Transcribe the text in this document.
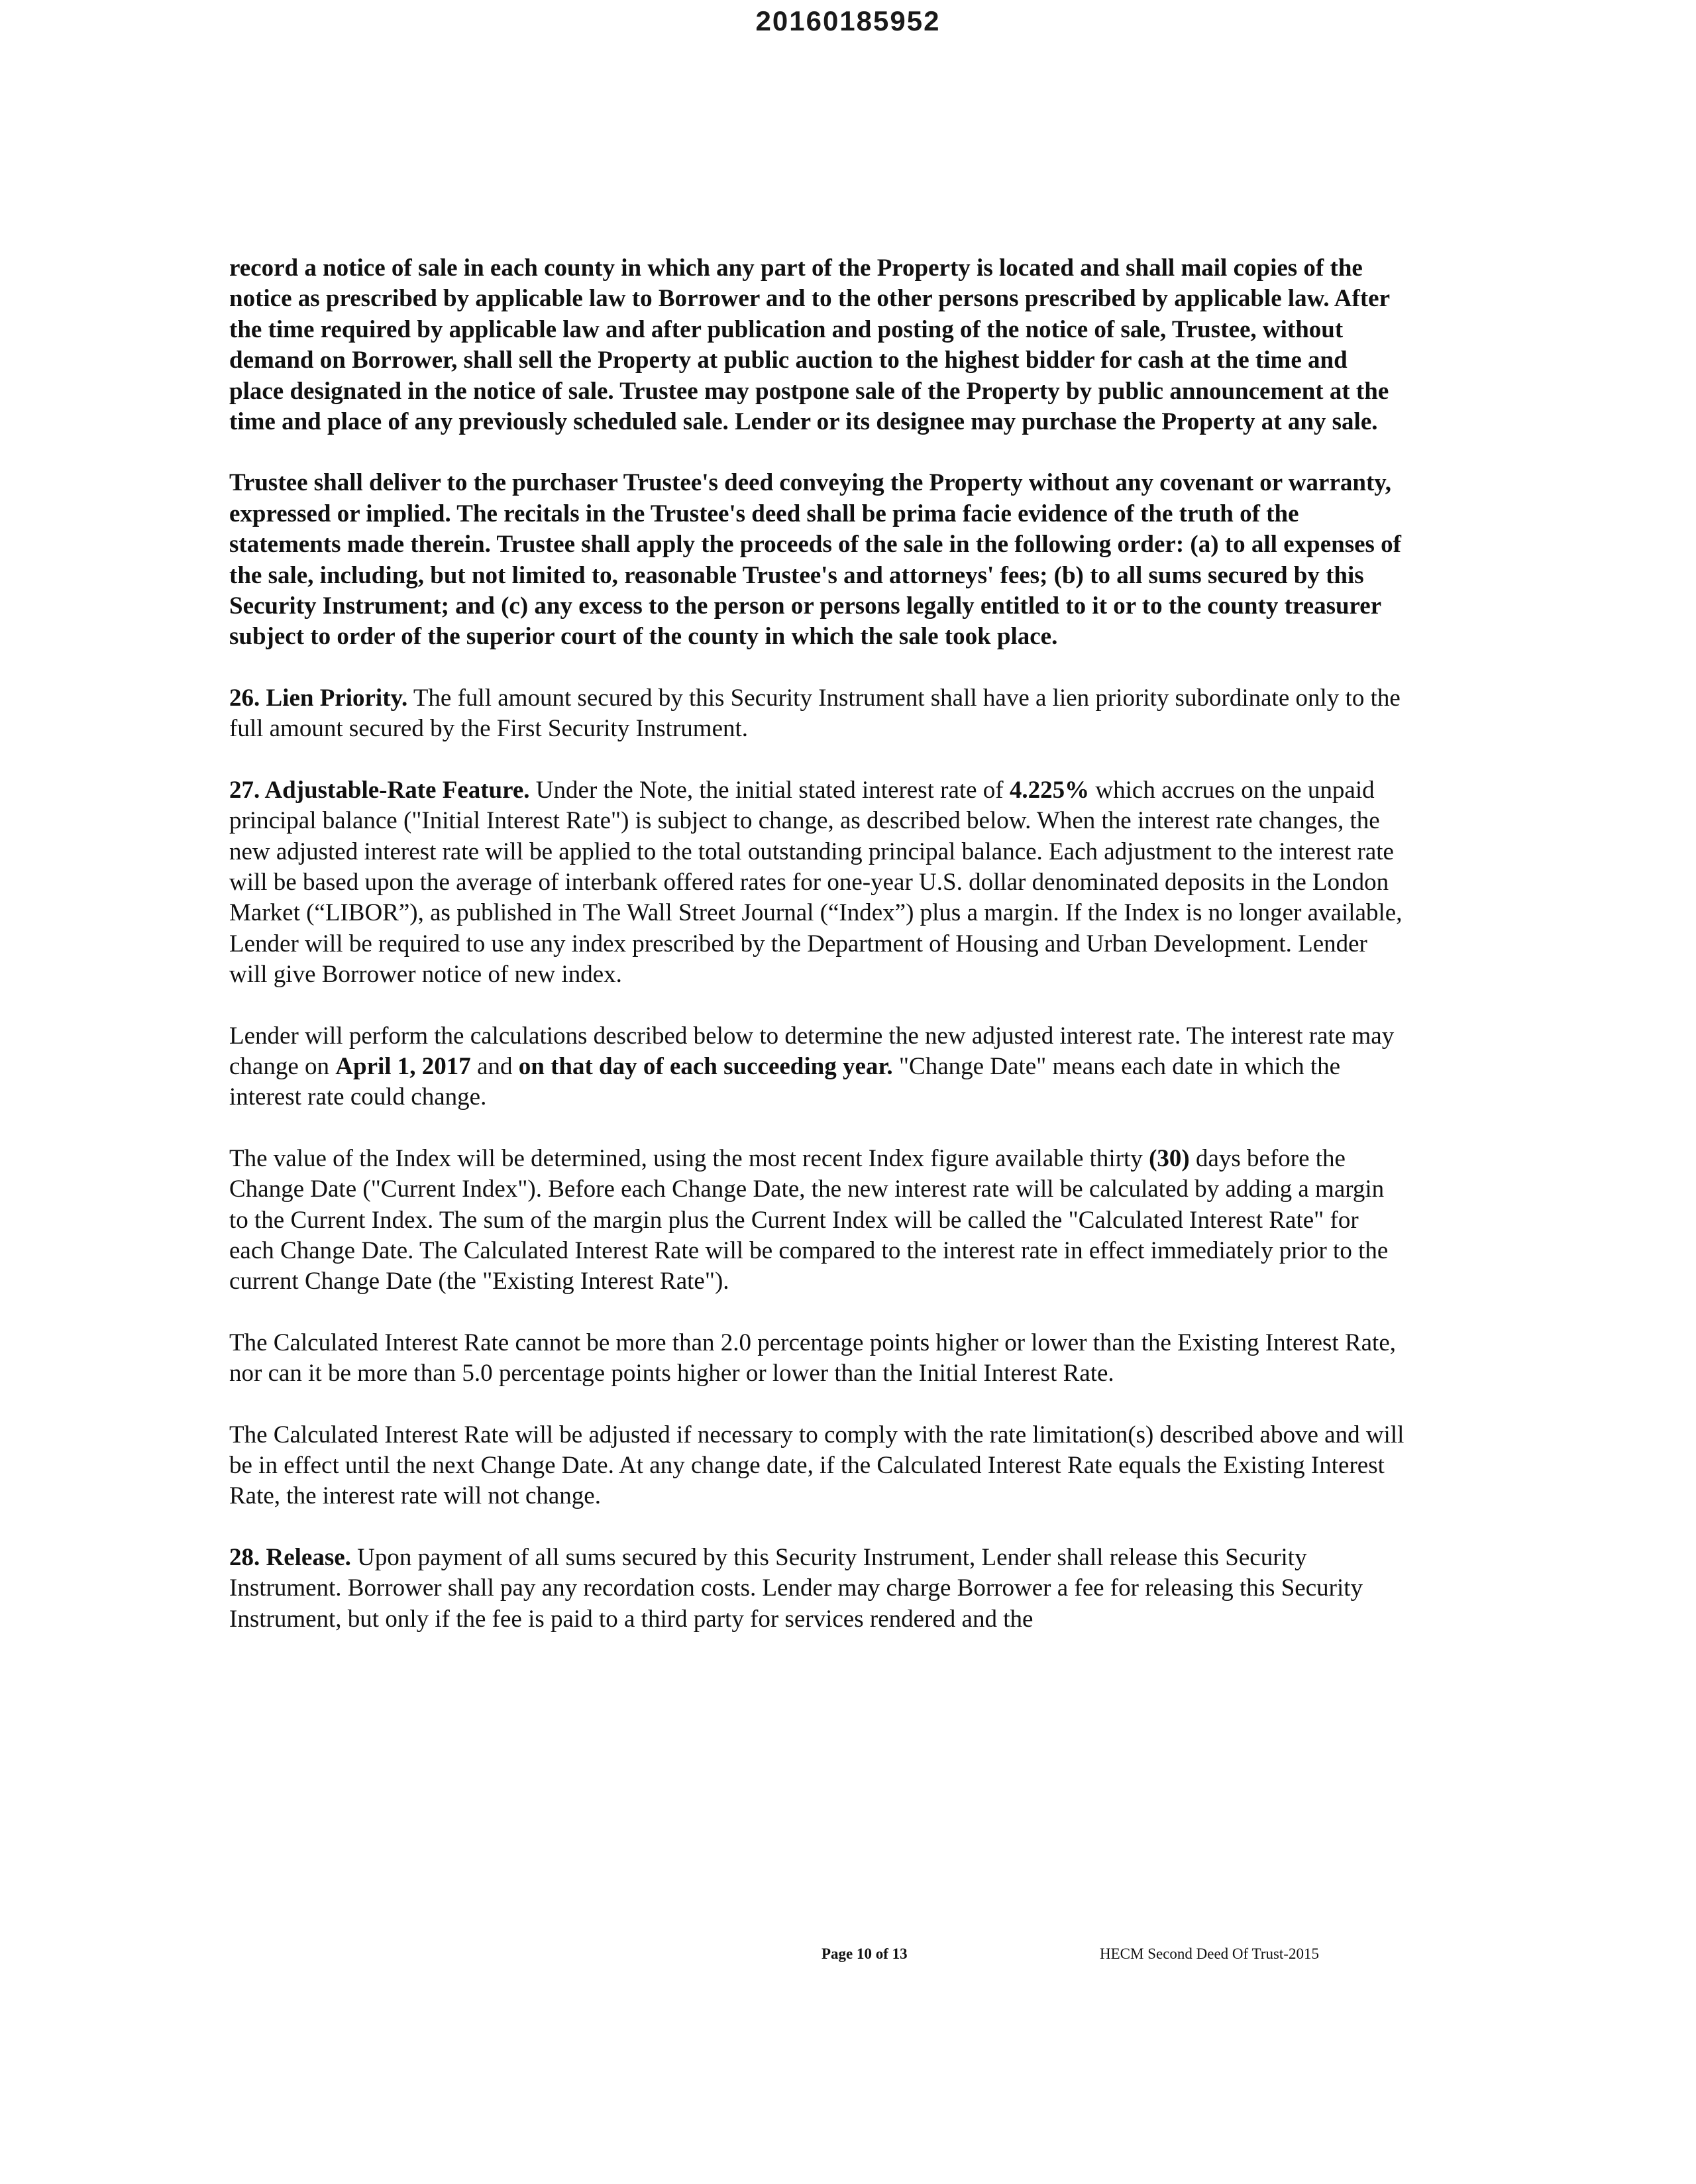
20160185952

record a notice of sale in each county in which any part of the Property is located and shall mail copies of the notice as prescribed by applicable law to Borrower and to the other persons prescribed by applicable law. After the time required by applicable law and after publication and posting of the notice of sale, Trustee, without demand on Borrower, shall sell the Property at public auction to the highest bidder for cash at the time and place designated in the notice of sale. Trustee may postpone sale of the Property by public announcement at the time and place of any previously scheduled sale. Lender or its designee may purchase the Property at any sale.

Trustee shall deliver to the purchaser Trustee's deed conveying the Property without any covenant or warranty, expressed or implied. The recitals in the Trustee's deed shall be prima facie evidence of the truth of the statements made therein. Trustee shall apply the proceeds of the sale in the following order: (a) to all expenses of the sale, including, but not limited to, reasonable Trustee's and attorneys' fees; (b) to all sums secured by this Security Instrument; and (c) any excess to the person or persons legally entitled to it or to the county treasurer subject to order of the superior court of the county in which the sale took place.

26. Lien Priority. The full amount secured by this Security Instrument shall have a lien priority subordinate only to the full amount secured by the First Security Instrument.

27. Adjustable-Rate Feature. Under the Note, the initial stated interest rate of 4.225% which accrues on the unpaid principal balance ("Initial Interest Rate") is subject to change, as described below. When the interest rate changes, the new adjusted interest rate will be applied to the total outstanding principal balance. Each adjustment to the interest rate will be based upon the average of interbank offered rates for one-year U.S. dollar denominated deposits in the London Market (“LIBOR”), as published in The Wall Street Journal (“Index”) plus a margin. If the Index is no longer available, Lender will be required to use any index prescribed by the Department of Housing and Urban Development. Lender will give Borrower notice of new index.

Lender will perform the calculations described below to determine the new adjusted interest rate. The interest rate may change on April 1, 2017 and on that day of each succeeding year. "Change Date" means each date in which the interest rate could change.

The value of the Index will be determined, using the most recent Index figure available thirty (30) days before the Change Date ("Current Index"). Before each Change Date, the new interest rate will be calculated by adding a margin to the Current Index. The sum of the margin plus the Current Index will be called the "Calculated Interest Rate" for each Change Date. The Calculated Interest Rate will be compared to the interest rate in effect immediately prior to the current Change Date (the "Existing Interest Rate").

The Calculated Interest Rate cannot be more than 2.0 percentage points higher or lower than the Existing Interest Rate, nor can it be more than 5.0 percentage points higher or lower than the Initial Interest Rate.

The Calculated Interest Rate will be adjusted if necessary to comply with the rate limitation(s) described above and will be in effect until the next Change Date. At any change date, if the Calculated Interest Rate equals the Existing Interest Rate, the interest rate will not change.

28. Release. Upon payment of all sums secured by this Security Instrument, Lender shall release this Security Instrument. Borrower shall pay any recordation costs. Lender may charge Borrower a fee for releasing this Security Instrument, but only if the fee is paid to a third party for services rendered and the

Page 10 of 13	HECM Second Deed Of Trust-2015
